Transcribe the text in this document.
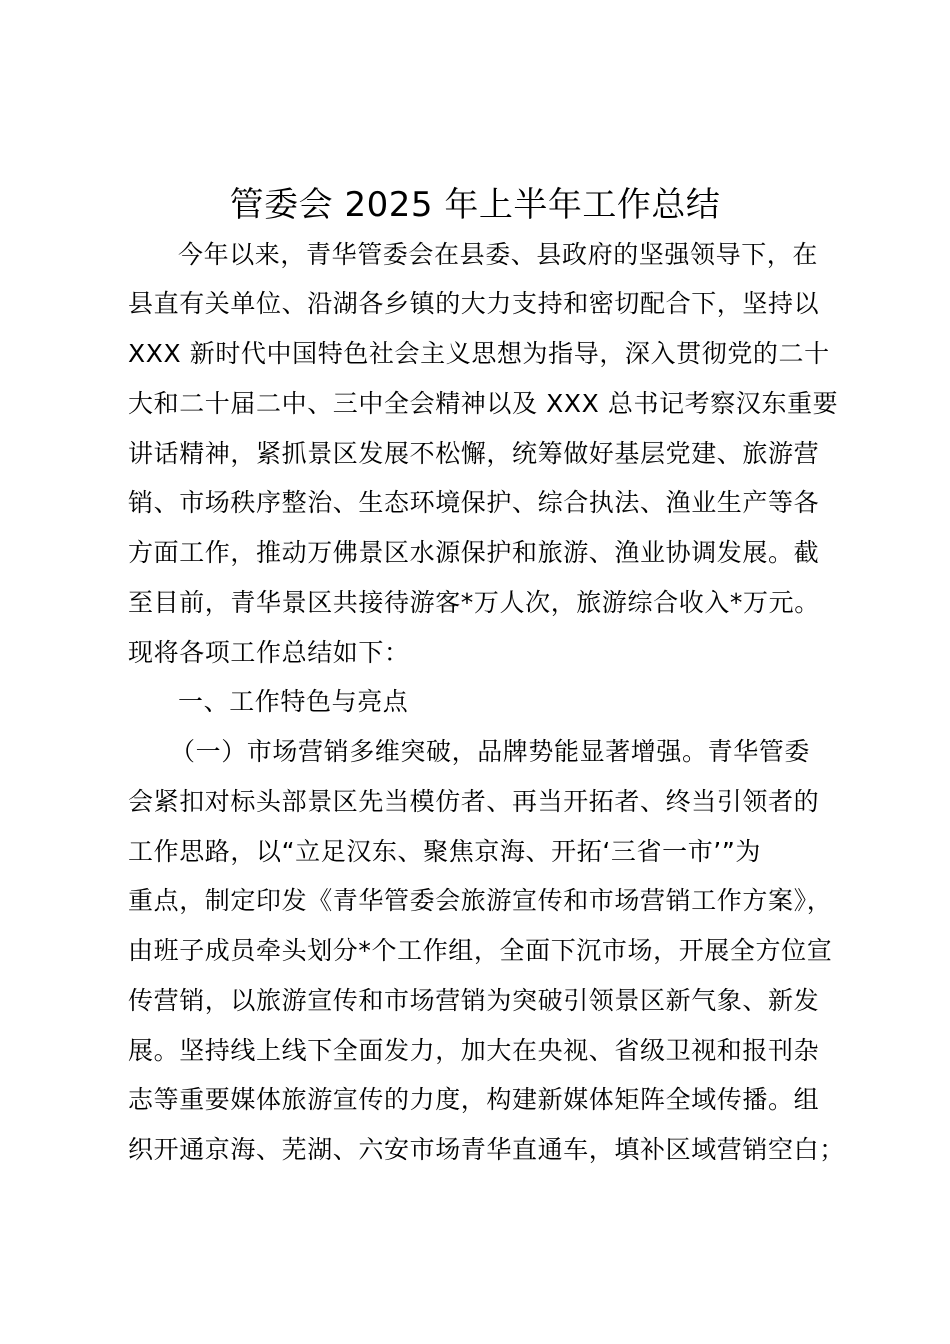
管委会 2025 年上半年工作总结
今年以来，青华管委会在县委、县政府的坚强领导下，在
县直有关单位、沿湖各乡镇的大力支持和密切配合下，坚持以
XXX 新时代中国特色社会主义思想为指导，深入贯彻党的二十
大和二十届二中、三中全会精神以及 XXX 总书记考察汉东重要
讲话精神，紧抓景区发展不松懈，统筹做好基层党建、旅游营
销、市场秩序整治、生态环境保护、综合执法、渔业生产等各
方面工作，推动万佛景区水源保护和旅游、渔业协调发展。截
至目前，青华景区共接待游客*万人次，旅游综合收入*万元。
现将各项工作总结如下：
一、工作特色与亮点
（一）市场营销多维突破，品牌势能显著增强。青华管委
会紧扣对标头部景区先当模仿者、再当开拓者、终当引领者的
工作思路，以“立足汉东、聚焦京海、开拓‘三省一市’”为
重点，制定印发《青华管委会旅游宣传和市场营销工作方案》，
由班子成员牵头划分*个工作组，全面下沉市场，开展全方位宣
传营销，以旅游宣传和市场营销为突破引领景区新气象、新发
展。坚持线上线下全面发力，加大在央视、省级卫视和报刊杂
志等重要媒体旅游宣传的力度，构建新媒体矩阵全域传播。组
织开通京海、芜湖、六安市场青华直通车，填补区域营销空白；
